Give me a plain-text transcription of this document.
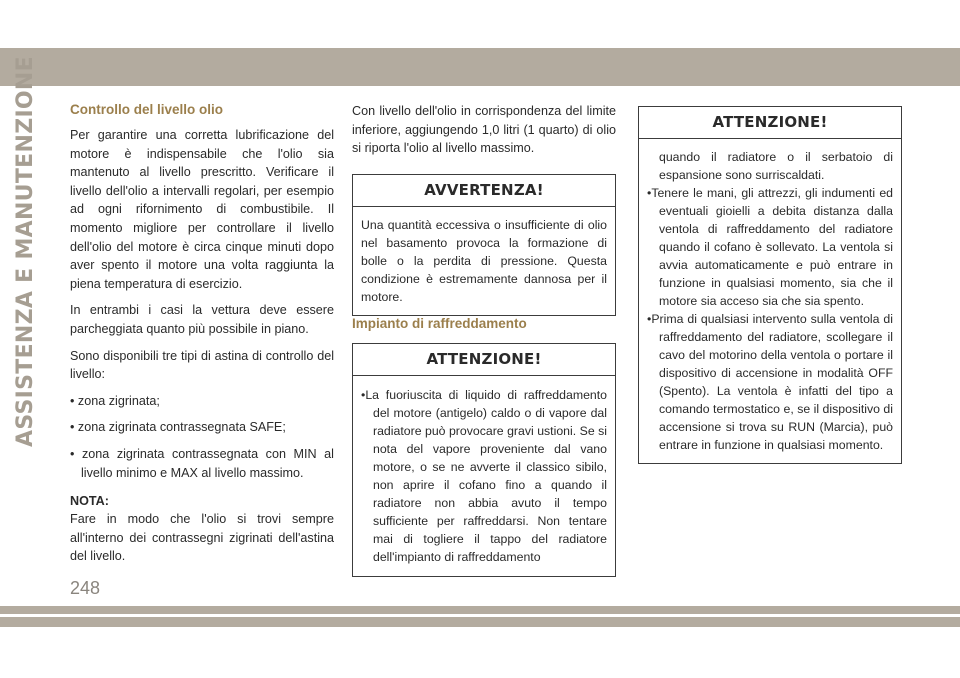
ASSISTENZA E MANUTENZIONE Controllo del livello olio

Per garantire una corretta lubrificazione del motore è indispensabile che l'olio sia mantenuto al livello prescritto. Verificare il livello dell'olio a intervalli regolari, per esempio ad ogni rifornimento di combustibile. Il momento migliore per controllare il livello dell'olio del motore è circa cinque minuti dopo aver spento il motore una volta raggiunta la piena temperatura di esercizio.

In entrambi i casi la vettura deve essere parcheggiata quanto più possibile in piano.

Sono disponibili tre tipi di astina di controllo del livello:

• zona zigrinata;
• zona zigrinata contrassegnata SAFE;
• zona zigrinata contrassegnata con MIN al livello minimo e MAX al livello massimo.
NOTA:

Fare in modo che l'olio si trovi sempre all'interno dei contrassegni zigrinati dell'astina del livello.

Con livello dell'olio in corrispondenza del limite inferiore, aggiungendo 1,0 litri (1 quarto) di olio si riporta l'olio al livello massimo.

AVVERTENZA!
Una quantità eccessiva o insufficiente di olio nel basamento provoca la formazione di bolle o la perdita di pressione. Questa condizione è estremamente dannosa per il motore.
Impianto di raffreddamento
ATTENZIONE!
• La fuoriuscita di liquido di raffreddamento del motore (antigelo) caldo o di vapore dal radiatore può provocare gravi ustioni. Se si nota del vapore proveniente dal vano motore, o se ne avverte il classico sibilo, non aprire il cofano fino a quando il radiatore non abbia avuto il tempo sufficiente per raffreddarsi. Non tentare mai di togliere il tappo del radiatore dell'impianto di raffreddamento
ATTENZIONE!
quando il radiatore o il serbatoio di espansione sono surriscaldati.
• Tenere le mani, gli attrezzi, gli indumenti ed eventuali gioielli a debita distanza dalla ventola di raffreddamento del radiatore quando il cofano è sollevato. La ventola si avvia automaticamente e può entrare in funzione in qualsiasi momento, sia che il motore sia acceso sia che sia spento.
• Prima di qualsiasi intervento sulla ventola di raffreddamento del radiatore, scollegare il cavo del motorino della ventola o portare il dispositivo di accensione in modalità OFF (Spento). La ventola è infatti del tipo a comando termostatico e, se il dispositivo di accensione si trova su RUN (Marcia), può entrare in funzione in qualsiasi momento.
248
